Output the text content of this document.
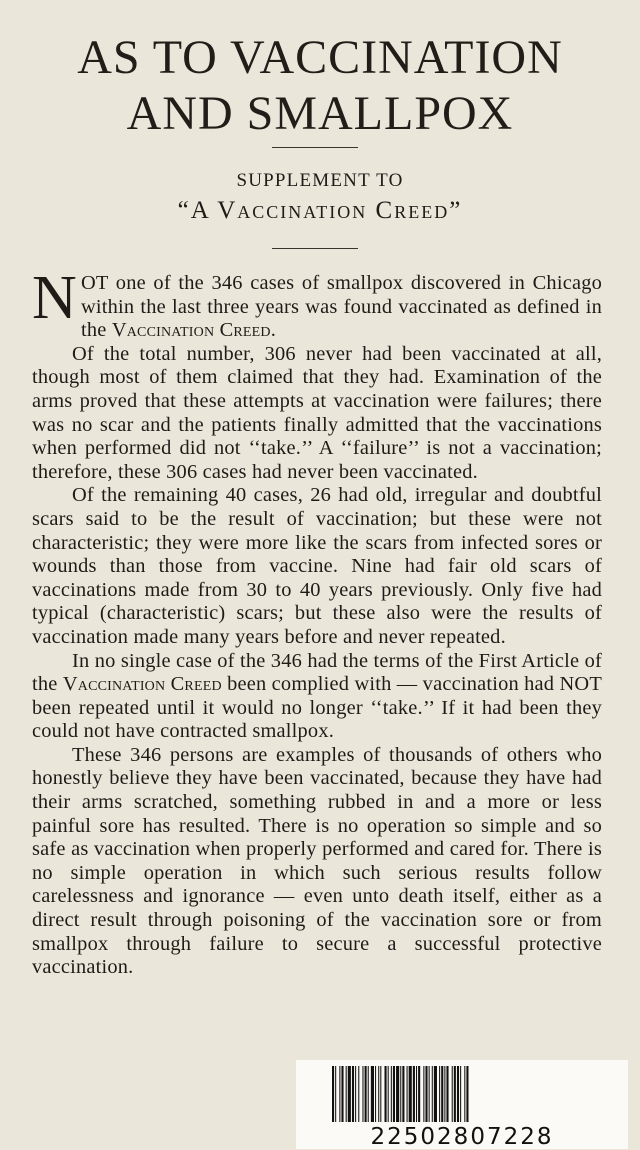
AS TO VACCINATION
AND SMALLPOX
SUPPLEMENT TO
“A Vaccination Creed”

NOT one of the 346 cases of smallpox discovered in Chicago within the last three years was found vaccinated as defined in the Vaccination Creed.

Of the total number, 306 never had been vaccinated at all, though most of them claimed that they had. Examination of the arms proved that these attempts at vaccination were failures; there was no scar and the patients finally admitted that the vaccinations when performed did not ‘‘take.’’ A ‘‘failure’’ is not a vaccination; therefore, these 306 cases had never been vaccinated.

Of the remaining 40 cases, 26 had old, irregular and doubtful scars said to be the result of vaccination; but these were not characteristic; they were more like the scars from infected sores or wounds than those from vaccine. Nine had fair old scars of vaccinations made from 30 to 40 years previously. Only five had typical (characteristic) scars; but these also were the results of vaccination made many years before and never repeated.

In no single case of the 346 had the terms of the First Article of the Vaccination Creed been complied with — vaccination had NOT been repeated until it would no longer ‘‘take.’’ If it had been they could not have contracted smallpox.

These 346 persons are examples of thousands of others who honestly believe they have been vaccinated, because they have had their arms scratched, something rubbed in and a more or less painful sore has resulted. There is no operation so simple and so safe as vaccination when properly performed and cared for. There is no simple operation in which such serious results follow carelessness and ignorance — even unto death itself, either as a direct result through poisoning of the vaccination sore or from smallpox through failure to secure a successful protective vaccination.

22502807228
